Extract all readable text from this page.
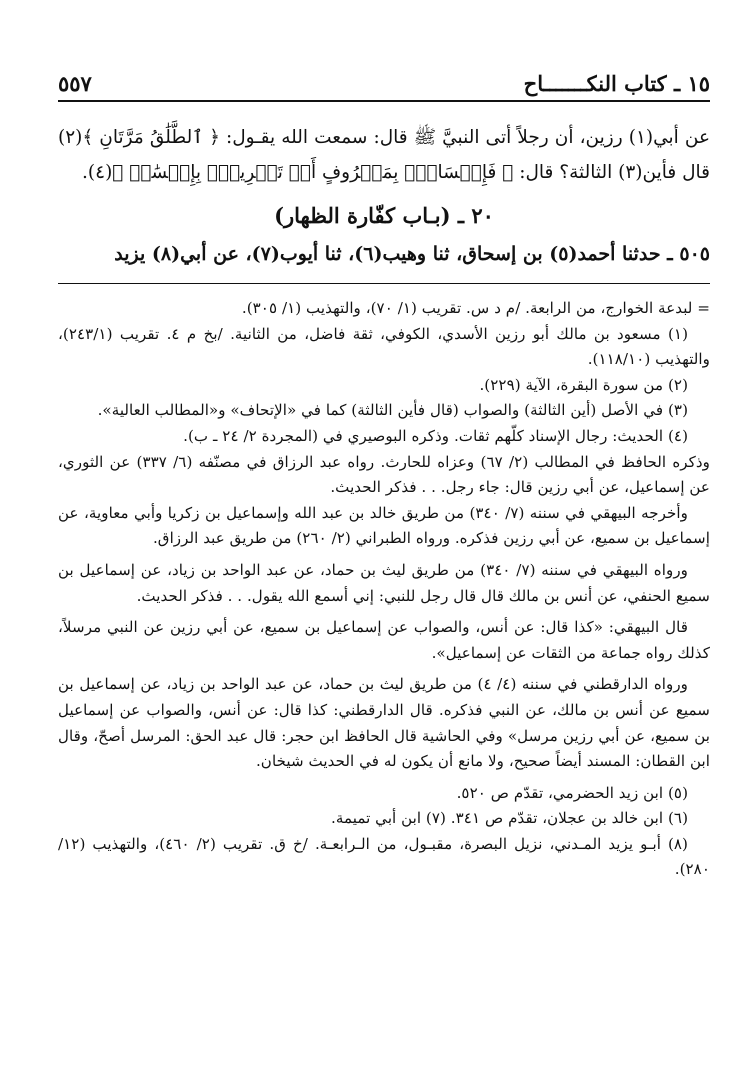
١٥ ـ كتاب النكـــــــاح
٥٥٧

عن أبي(١) رزين، أن رجلاً أتى النبيَّ ﷺ قال: سمعت الله يقـول: ﴿ ٱلطَّلَٰقُ مَرَّتَانِ ﴾(٢) قال فأين(٣) الثالثة؟ قال: ﴿ فَإِمۡسَاكُۢ بِمَعۡرُوفٍ أَوۡ تَسۡرِيحُۢ بِإِحۡسَٰنٖ ﴾(٤).

٢٠ ـ (بـاب كفّارة الظهار)

٥٠٥ ـ حدثنا أحمد(٥) بن إسحاق، ثنا وهيب(٦)، ثنا أيوب(٧)، عن أبي(٨) يزيد

= لبدعة الخوارج، من الرابعة. /م د س. تقريب (١/ ٧٠)، والتهذيب (١/ ٣٠٥).

(١) مسعود بن مالك أبو رزين الأسدي، الكوفي، ثقة فاضل، من الثانية. /بخ م ٤. تقريب (٢٤٣/١)، والتهذيب (١١٨/١٠).

(٢) من سورة البقرة، الآية (٢٢٩).

(٣) في الأصل (أين الثالثة) والصواب (قال فأين الثالثة) كما في «الإتحاف» و«المطالب العالية».

(٤) الحديث: رجال الإسناد كلّهم ثقات. وذكره البوصيري في (المجردة ٢/ ٢٤ ـ ب).

وذكره الحافظ في المطالب (٢/ ٦٧) وعزاه للحارث. رواه عبد الرزاق في مصنّفه (٦/ ٣٣٧) عن الثوري، عن إسماعيل، عن أبي رزين قال: جاء رجل. . . فذكر الحديث.

وأخرجه البيهقي في سننه (٧/ ٣٤٠) من طريق خالد بن عبد الله وإسماعيل بن زكريا وأبي معاوية، عن إسماعيل بن سميع، عن أبي رزين فذكره. ورواه الطبراني (٢/ ٢٦٠) من طريق عبد الرزاق.

ورواه البيهقي في سننه (٧/ ٣٤٠) من طريق ليث بن حماد، عن عبد الواحد بن زياد، عن إسماعيل بن سميع الحنفي، عن أنس بن مالك قال قال رجل للنبي: إني أسمع الله يقول. . . فذكر الحديث.

قال البيهقي: «كذا قال: عن أنس، والصواب عن إسماعيل بن سميع، عن أبي رزين عن النبي مرسلاً، كذلك رواه جماعة من الثقات عن إسماعيل».

ورواه الدارقطني في سننه (٤/ ٤) من طريق ليث بن حماد، عن عبد الواحد بن زياد، عن إسماعيل بن سميع عن أنس بن مالك، عن النبي فذكره. قال الدارقطني: كذا قال: عن أنس، والصواب عن إسماعيل بن سميع، عن أبي رزين مرسل» وفي الحاشية قال الحافظ ابن حجر: قال عبد الحق: المرسل أصحّ، وقال ابن القطان: المسند أيضاً صحيح، ولا مانع أن يكون له في الحديث شيخان.

(٥) ابن زيد الحضرمي، تقدّم ص ٥٢٠.

(٦) ابن خالد بن عجلان، تقدّم ص ٣٤١. (٧) ابن أبي تميمة.

(٨) أبـو يزيد المـدني، نزيل البصرة، مقبـول، من الـرابعـة. /خ ق. تقريب (٢/ ٤٦٠)، والتهذيب (١٢/ ٢٨٠).
